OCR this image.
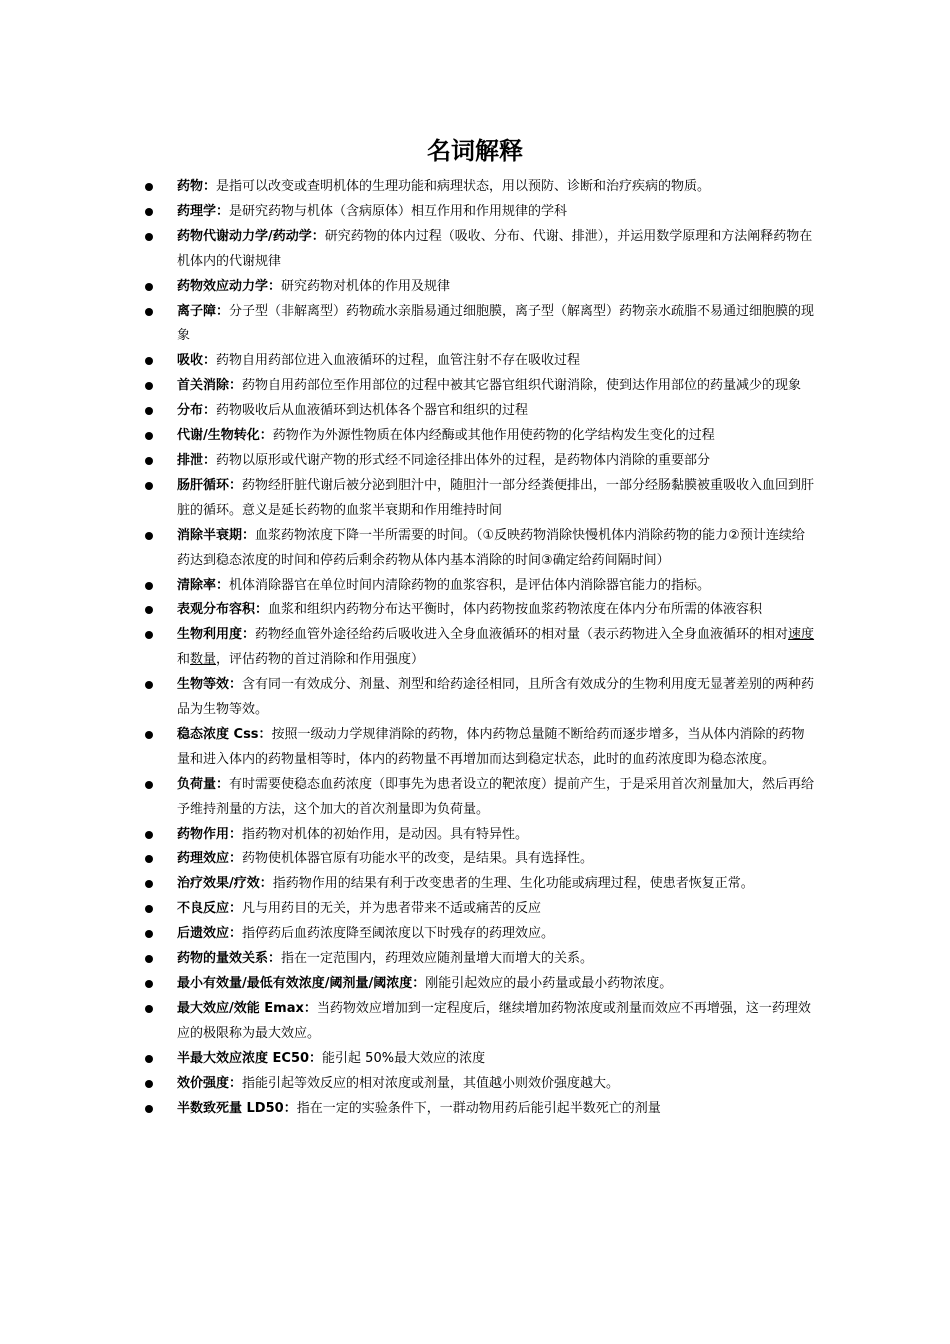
名词解释
药物：是指可以改变或查明机体的生理功能和病理状态，用以预防、诊断和治疗疾病的物质。
药理学：是研究药物与机体（含病原体）相互作用和作用规律的学科
药物代谢动力学/药动学：研究药物的体内过程（吸收、分布、代谢、排泄），并运用数学原理和方法阐释药物在机体内的代谢规律
药物效应动力学：研究药物对机体的作用及规律
离子障：分子型（非解离型）药物疏水亲脂易通过细胞膜，离子型（解离型）药物亲水疏脂不易通过细胞膜的现象
吸收：药物自用药部位进入血液循环的过程，血管注射不存在吸收过程
首关消除：药物自用药部位至作用部位的过程中被其它器官组织代谢消除，使到达作用部位的药量减少的现象
分布：药物吸收后从血液循环到达机体各个器官和组织的过程
代谢/生物转化：药物作为外源性物质在体内经酶或其他作用使药物的化学结构发生变化的过程
排泄：药物以原形或代谢产物的形式经不同途径排出体外的过程，是药物体内消除的重要部分
肠肝循环：药物经肝脏代谢后被分泌到胆汁中，随胆汁一部分经粪便排出，一部分经肠黏膜被重吸收入血回到肝脏的循环。意义是延长药物的血浆半衰期和作用维持时间
消除半衰期：血浆药物浓度下降一半所需要的时间。（①反映药物消除快慢机体内消除药物的能力②预计连续给药达到稳态浓度的时间和停药后剩余药物从体内基本消除的时间③确定给药间隔时间）
清除率：机体消除器官在单位时间内清除药物的血浆容积，是评估体内消除器官能力的指标。
表观分布容积：血浆和组织内药物分布达平衡时，体内药物按血浆药物浓度在体内分布所需的体液容积
生物利用度：药物经血管外途径给药后吸收进入全身血液循环的相对量（表示药物进入全身血液循环的相对速度和数量，评估药物的首过消除和作用强度）
生物等效：含有同一有效成分、剂量、剂型和给药途径相同，且所含有效成分的生物利用度无显著差别的两种药品为生物等效。
稳态浓度 Css：按照一级动力学规律消除的药物，体内药物总量随不断给药而逐步增多，当从体内消除的药物量和进入体内的药物量相等时，体内的药物量不再增加而达到稳定状态，此时的血药浓度即为稳态浓度。
负荷量：有时需要使稳态血药浓度（即事先为患者设立的靶浓度）提前产生，于是采用首次剂量加大，然后再给予维持剂量的方法，这个加大的首次剂量即为负荷量。
药物作用：指药物对机体的初始作用，是动因。具有特异性。
药理效应：药物使机体器官原有功能水平的改变，是结果。具有选择性。
治疗效果/疗效：指药物作用的结果有利于改变患者的生理、生化功能或病理过程，使患者恢复正常。
不良反应：凡与用药目的无关，并为患者带来不适或痛苦的反应
后遗效应：指停药后血药浓度降至阈浓度以下时残存的药理效应。
药物的量效关系：指在一定范围内，药理效应随剂量增大而增大的关系。
最小有效量/最低有效浓度/阈剂量/阈浓度：刚能引起效应的最小药量或最小药物浓度。
最大效应/效能 Emax：当药物效应增加到一定程度后，继续增加药物浓度或剂量而效应不再增强，这一药理效应的极限称为最大效应。
半最大效应浓度 EC50：能引起 50%最大效应的浓度
效价强度：指能引起等效反应的相对浓度或剂量，其值越小则效价强度越大。
半数致死量 LD50：指在一定的实验条件下，一群动物用药后能引起半数死亡的剂量
